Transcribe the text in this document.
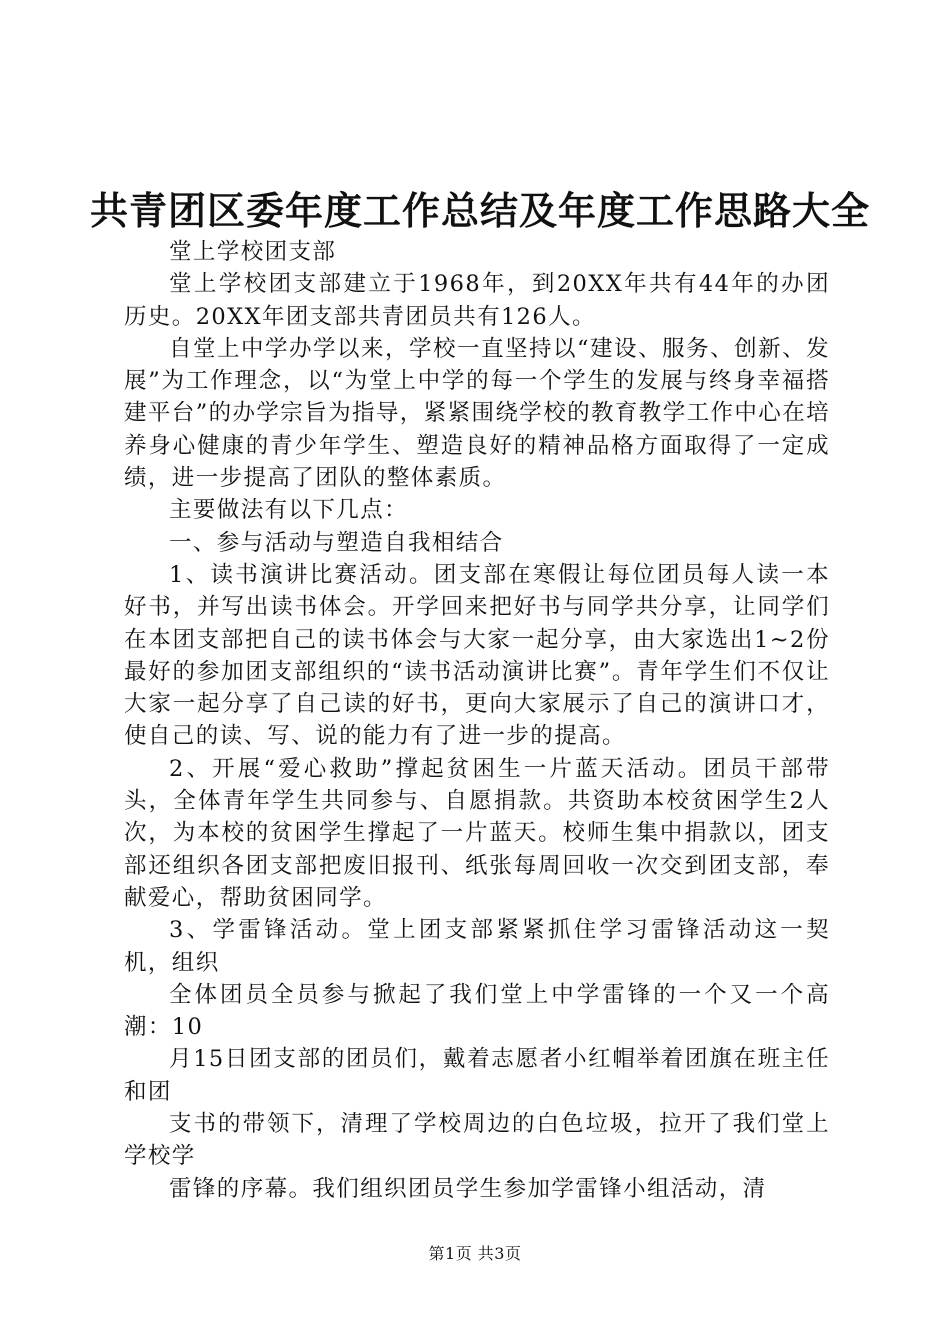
共青团区委年度工作总结及年度工作思路大全

堂上学校团支部

堂上学校团支部建立于1968年，到20XX年共有44年的办团历史。20XX年团支部共青团员共有126人。

自堂上中学办学以来，学校一直坚持以“建设、服务、创新、发展”为工作理念，以“为堂上中学的每一个学生的发展与终身幸福搭建平台”的办学宗旨为指导，紧紧围绕学校的教育教学工作中心在培养身心健康的青少年学生、塑造良好的精神品格方面取得了一定成绩，进一步提高了团队的整体素质。

主要做法有以下几点：

一、参与活动与塑造自我相结合

1、读书演讲比赛活动。团支部在寒假让每位团员每人读一本好书，并写出读书体会。开学回来把好书与同学共分享，让同学们在本团支部把自己的读书体会与大家一起分享，由大家选出1~2份最好的参加团支部组织的“读书活动演讲比赛”。青年学生们不仅让大家一起分享了自己读的好书，更向大家展示了自己的演讲口才，使自己的读、写、说的能力有了进一步的提高。

2、开展“爱心救助”撑起贫困生一片蓝天活动。团员干部带头，全体青年学生共同参与、自愿捐款。共资助本校贫困学生2人次，为本校的贫困学生撑起了一片蓝天。校师生集中捐款以，团支部还组织各团支部把废旧报刊、纸张每周回收一次交到团支部，奉献爱心，帮助贫困同学。

3、学雷锋活动。堂上团支部紧紧抓住学习雷锋活动这一契机，组织

全体团员全员参与掀起了我们堂上中学雷锋的一个又一个高潮：10

月15日团支部的团员们，戴着志愿者小红帽举着团旗在班主任和团

支书的带领下，清理了学校周边的白色垃圾，拉开了我们堂上学校学

雷锋的序幕。我们组织团员学生参加学雷锋小组活动，清

第1页 共3页
